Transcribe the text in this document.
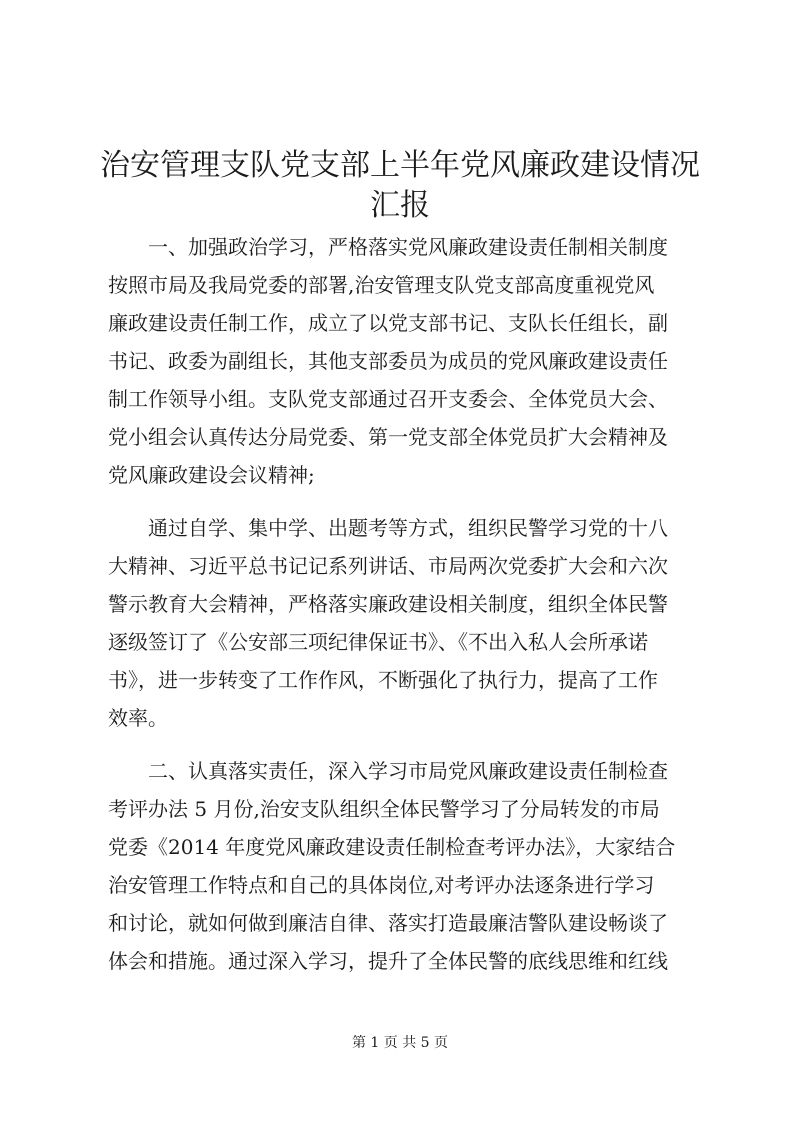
治安管理支队党支部上半年党风廉政建设情况
汇报

一、加强政治学习，严格落实党风廉政建设责任制相关制度

按照市局及我局党委的部署,治安管理支队党支部高度重视党风

廉政建设责任制工作，成立了以党支部书记、支队长任组长，副

书记、政委为副组长，其他支部委员为成员的党风廉政建设责任

制工作领导小组。支队党支部通过召开支委会、全体党员大会、

党小组会认真传达分局党委、第一党支部全体党员扩大会精神及

党风廉政建设会议精神;

通过自学、集中学、出题考等方式，组织民警学习党的十八

大精神、习近平总书记记系列讲话、市局两次党委扩大会和六次

警示教育大会精神，严格落实廉政建设相关制度，组织全体民警

逐级签订了《公安部三项纪律保证书》、《不出入私人会所承诺

书》，进一步转变了工作作风，不断强化了执行力，提高了工作

效率。

二、认真落实责任，深入学习市局党风廉政建设责任制检查

考评办法 5 月份,治安支队组织全体民警学习了分局转发的市局

党委《2014 年度党风廉政建设责任制检查考评办法》，大家结合

治安管理工作特点和自己的具体岗位,对考评办法逐条进行学习

和讨论，就如何做到廉洁自律、落实打造最廉洁警队建设畅谈了

体会和措施。通过深入学习，提升了全体民警的底线思维和红线

第 1 页 共 5 页
